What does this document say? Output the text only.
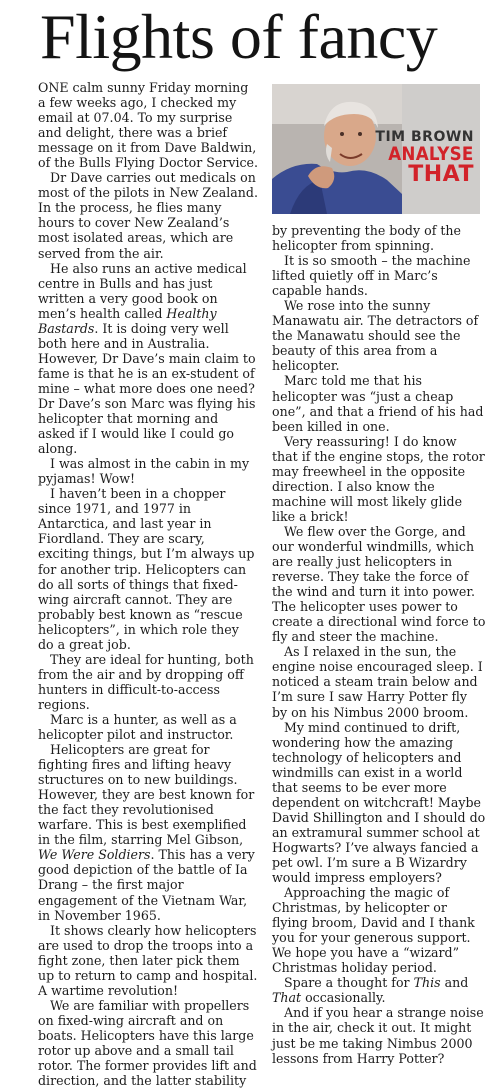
Flights of fancy
TIM BROWN
ANALYSE
THAT

ONE calm sunny Friday morning a few weeks ago, I checked my email at 07.04. To my surprise and delight, there was a brief message on it from Dave Baldwin, of the Bulls Flying Doctor Service.

Dr Dave carries out medicals on most of the pilots in New Zealand. In the process, he flies many hours to cover New Zealand’s most isolated areas, which are served from the air.

He also runs an active medical centre in Bulls and has just written a very good book on men’s health called Healthy Bastards. It is doing very well both here and in Australia. However, Dr Dave’s main claim to fame is that he is an ex-student of mine – what more does one need? Dr Dave’s son Marc was flying his helicopter that morning and asked if I would like I could go along.

I was almost in the cabin in my pyjamas! Wow!

I haven’t been in a chopper since 1971, and 1977 in Antarctica, and last year in Fiordland. They are scary, exciting things, but I’m always up for another trip. Helicopters can do all sorts of things that fixed-wing aircraft cannot. They are probably best known as “rescue helicopters”, in which role they do a great job.

They are ideal for hunting, both from the air and by dropping off hunters in difficult-to-access regions.

Marc is a hunter, as well as a helicopter pilot and instructor.

Helicopters are great for fighting fires and lifting heavy structures on to new buildings. However, they are best known for the fact they revolutionised warfare. This is best exemplified in the film, starring Mel Gibson, We Were Soldiers. This has a very good depiction of the battle of Ia Drang – the first major engagement of the Vietnam War, in November 1965.

It shows clearly how helicopters are used to drop the troops into a fight zone, then later pick them up to return to camp and hospital. A wartime revolution!

We are familiar with propellers on fixed-wing aircraft and on boats. Helicopters have this large rotor up above and a small tail rotor. The former provides lift and direction, and the latter stability

by preventing the body of the helicopter from spinning.

It is so smooth – the machine lifted quietly off in Marc’s capable hands.

We rose into the sunny Manawatu air. The detractors of the Manawatu should see the beauty of this area from a helicopter.

Marc told me that his helicopter was “just a cheap one”, and that a friend of his had been killed in one.

Very reassuring! I do know that if the engine stops, the rotor may freewheel in the opposite direction. I also know the machine will most likely glide like a brick!

We flew over the Gorge, and our wonderful windmills, which are really just helicopters in reverse. They take the force of the wind and turn it into power. The helicopter uses power to create a directional wind force to fly and steer the machine.

As I relaxed in the sun, the engine noise encouraged sleep. I noticed a steam train below and I’m sure I saw Harry Potter fly by on his Nimbus 2000 broom.

My mind continued to drift, wondering how the amazing technology of helicopters and windmills can exist in a world that seems to be ever more dependent on witchcraft! Maybe David Shillington and I should do an extramural summer school at Hogwarts? I’ve always fancied a pet owl. I’m sure a B Wizardry would impress employers?

Approaching the magic of Christmas, by helicopter or flying broom, David and I thank you for your generous support. We hope you have a “wizard” Christmas holiday period.

Spare a thought for This and That occasionally.

And if you hear a strange noise in the air, check it out. It might just be me taking Nimbus 2000 lessons from Harry Potter?
